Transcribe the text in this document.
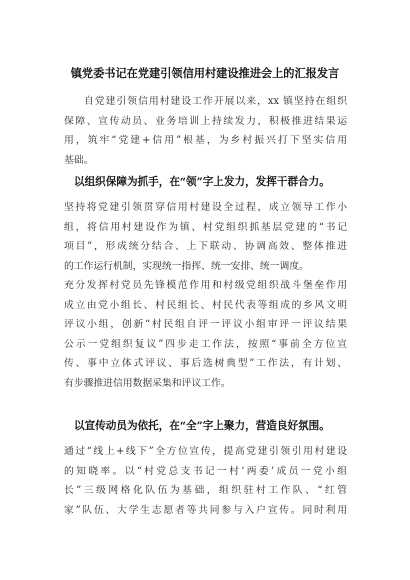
镇党委书记在党建引领信用村建设推进会上的汇报发言

自党建引领信用村建设工作开展以来，xx 镇坚持在组织
保障、宣传动员、业务培训上持续发力，积极推进结果运
用，筑牢“党建+信用”根基，为乡村振兴打下坚实信用
基础。

以组织保障为抓手，在“领”字上发力，发挥干群合力。

坚持将党建引领贯穿信用村建设全过程，成立领导工作小
组，将信用村建设作为镇、村党组织抓基层党建的“书记
项目”，形成统分结合、上下联动、协调高效、整体推进
的工作运行机制，实现统一指挥、统一安排、统一调度。

充分发挥村党员先锋模范作用和村级党组织战斗堡垒作用
成立由党小组长、村民组长、村民代表等组成的乡风文明
评议小组，创新“村民组自评一评议小组审评一评议结果
公示一党组织复议”四步走工作法，按照“事前全方位宣
传、事中立体式评议、事后选树典型”工作法，有计划、
有步骤推进信用数据采集和评议工作。

以宣传动员为依托，在“全”字上聚力，营造良好氛围。

通过“线上+线下”全方位宣传，提高党建引领引用村建设
的知晓率。以“村党总支书记一村‘两委’成员一党小组
长”三级网格化队伍为基础，组织驻村工作队、“红管
家”队伍、大学生志愿者等共同参与入户宣传。同时利用
